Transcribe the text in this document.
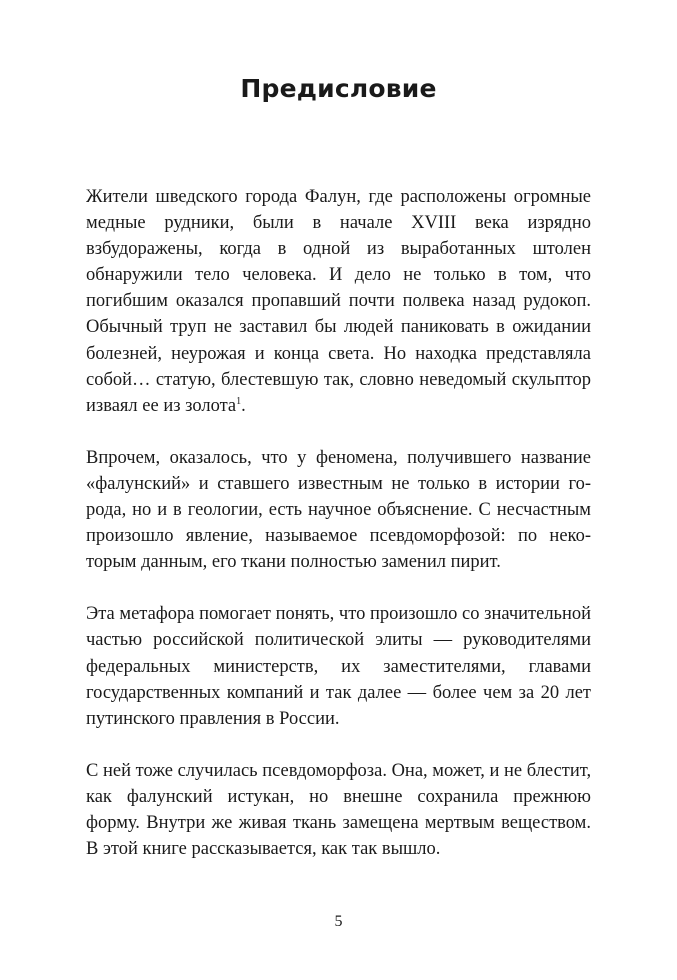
Предисловие

Жители шведского города Фалун, где расположены огромные
медные рудники, были в начале XVIII века изрядно
взбудоражены, когда в одной из выработанных штолен
обнаружили тело человека. И дело не только в том, что
погибшим оказался пропавший почти полвека назад рудокоп.
Обычный труп не заставил бы людей паниковать в ожидании
болезней, неурожая и конца света. Но находка представляла
собой… статую, блестевшую так, словно неведомый скульптор
изваял ее из золота$^1$.

Впрочем, оказалось, что у феномена, получившего название
«фалунский» и ставшего известным не только в истории го-
рода, но и в геологии, есть научное объяснение. С несчастным
произошло явление, называемое псевдоморфозой: по неко-
торым данным, его ткани полностью заменил пирит.

Эта метафора помогает понять, что произошло со значительной
частью российской политической элиты — руководителями
федеральных министерств, их заместителями, главами
государственных компаний и так далее — более чем за 20 лет
путинского правления в России.

С ней тоже случилась псевдоморфоза. Она, может, и не блестит,
как фалунский истукан, но внешне сохранила прежнюю
форму. Внутри же живая ткань замещена мертвым веществом.
В этой книге рассказывается, как так вышло.

5
